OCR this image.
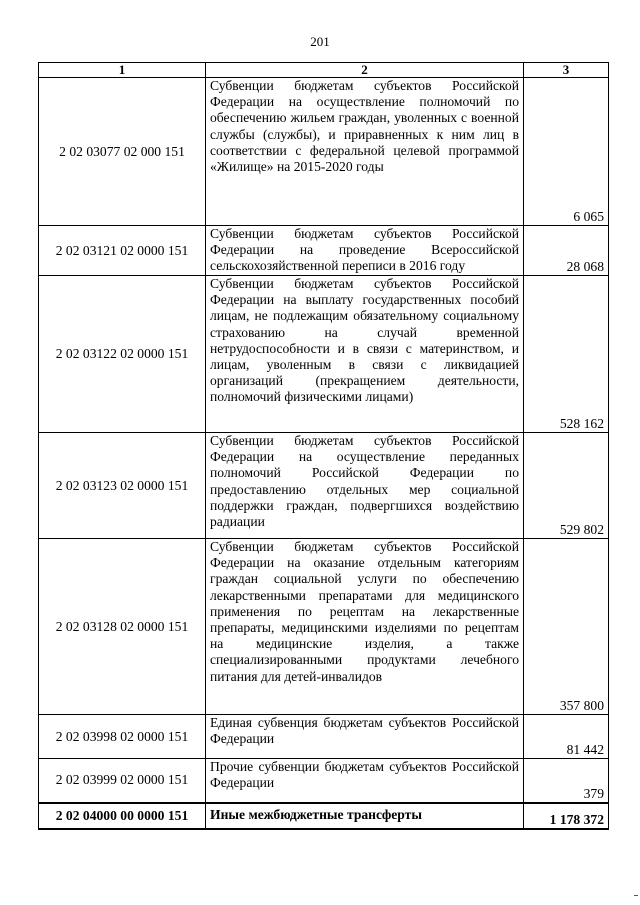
201
1	2	3
2 02 03077 02 000 151	Субвенции бюджетам субъектов Российской Федерации на осуществление полномочий по обеспечению жильем граждан, уволенных с военной службы (службы), и приравненных к ним лиц в соответствии с федеральной целевой программой «Жилище» на 2015-2020 годы	6 065
2 02 03121 02 0000 151	Субвенции бюджетам субъектов Российской Федерации на проведение Всероссийской сельскохозяйственной переписи в 2016 году	28 068
2 02 03122 02 0000 151	Субвенции бюджетам субъектов Российской Федерации на выплату государственных пособий лицам, не подлежащим обязательному социальному страхованию на случай временной нетрудоспособности и в связи с материнством, и лицам, уволенным в связи с ликвидацией организаций (прекращением деятельности, полномочий физическими лицами)	528 162
2 02 03123 02 0000 151	Субвенции бюджетам субъектов Российской Федерации на осуществление переданных полномочий Российской Федерации по предоставлению отдельных мер социальной поддержки граждан, подвергшихся воздействию радиации	529 802
2 02 03128 02 0000 151	Субвенции бюджетам субъектов Российской Федерации на оказание отдельным категориям граждан социальной услуги по обеспечению лекарственными препаратами для медицинского применения по рецептам на лекарственные препараты, медицинскими изделиями по рецептам на медицинские изделия, а также специализированными продуктами лечебного питания для детей-инвалидов	357 800
2 02 03998 02 0000 151	Единая субвенция бюджетам субъектов Российской Федерации	81 442
2 02 03999 02 0000 151	Прочие субвенции бюджетам субъектов Российской Федерации	379
2 02 04000 00 0000 151	Иные межбюджетные трансферты	1 178 372
